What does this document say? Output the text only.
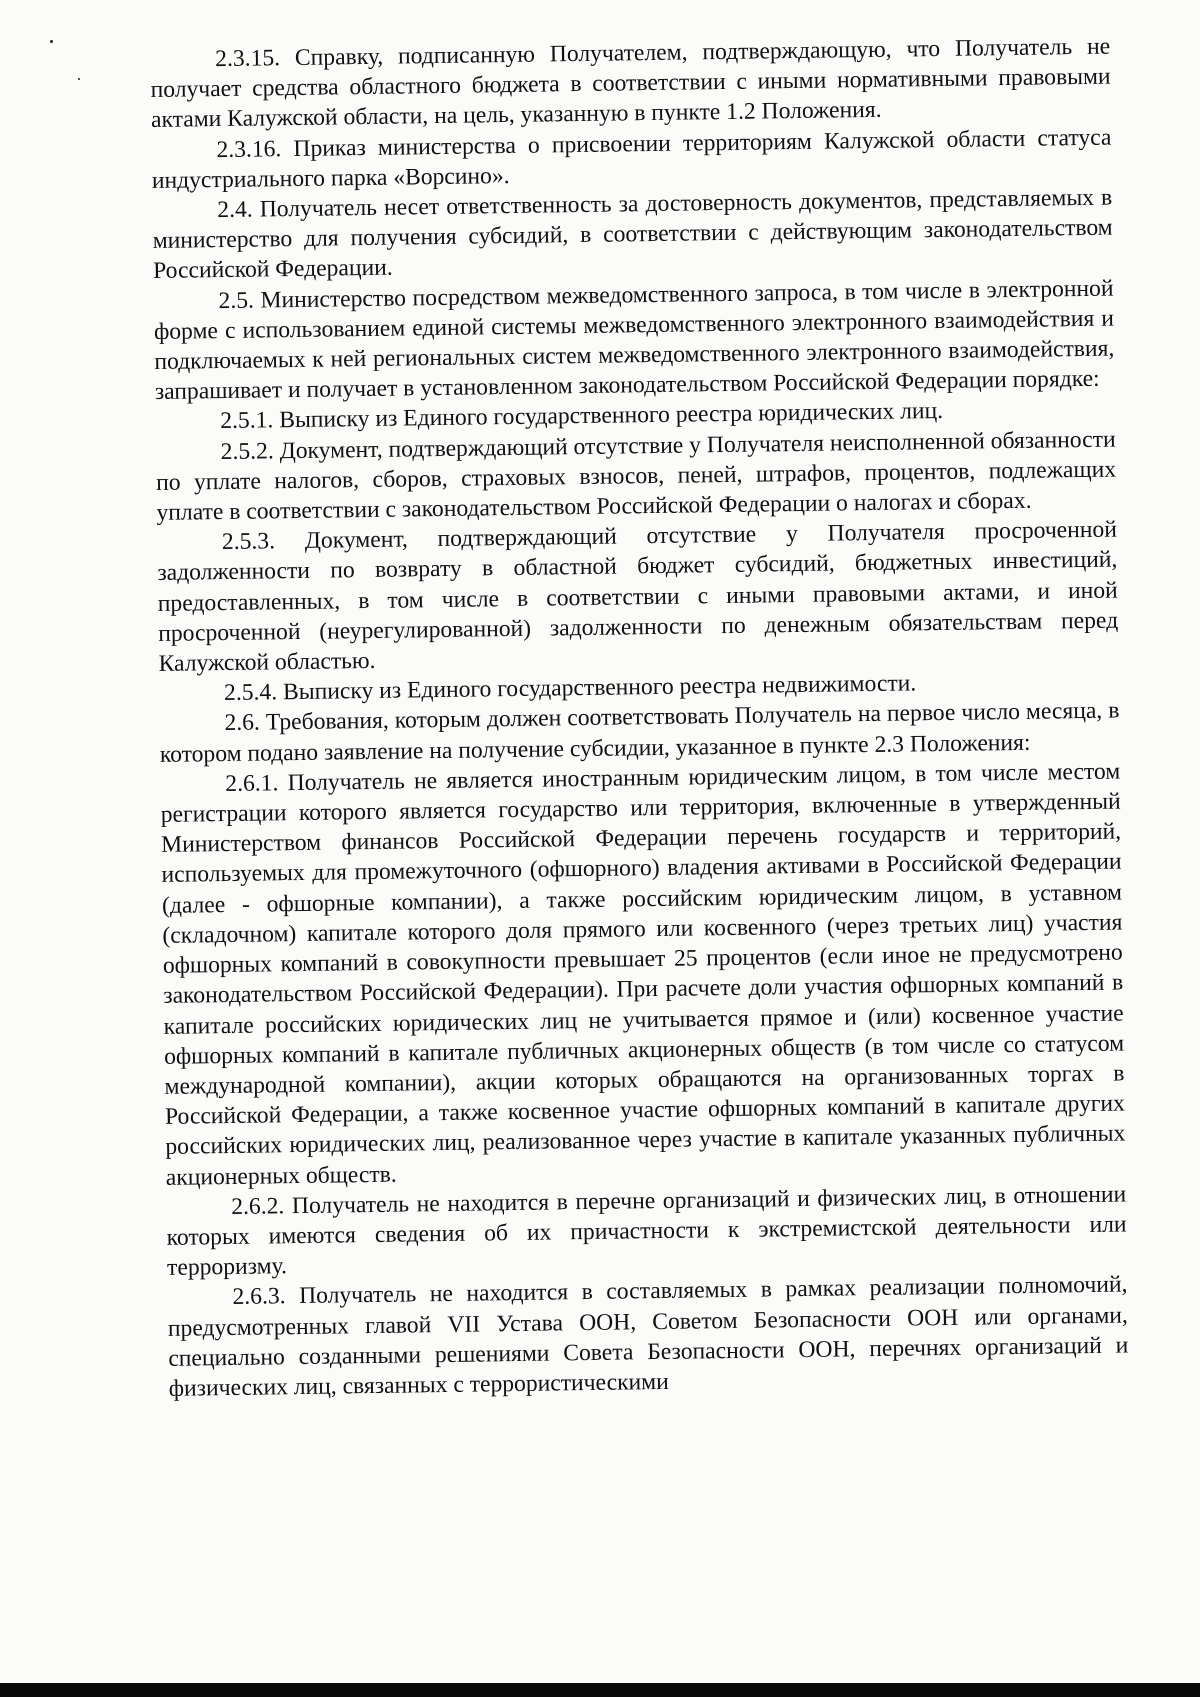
2.3.15. Справку, подписанную Получателем, подтверждающую, что Получатель не получает средства областного бюджета в соответствии с иными нормативными правовыми актами Калужской области, на цель, указанную в пункте 1.2 Положения.

2.3.16. Приказ министерства о присвоении территориям Калужской области статуса индустриального парка «Ворсино».

2.4. Получатель несет ответственность за достоверность документов, представляемых в министерство для получения субсидий, в соответствии с действующим законодательством Российской Федерации.

2.5. Министерство посредством межведомственного запроса, в том числе в электронной форме с использованием единой системы межведомственного электронного взаимодействия и подключаемых к ней региональных систем межведомственного электронного взаимодействия, запрашивает и получает в установленном законодательством Российской Федерации порядке:

2.5.1. Выписку из Единого государственного реестра юридических лиц.

2.5.2. Документ, подтверждающий отсутствие у Получателя неисполненной обязанности по уплате налогов, сборов, страховых взносов, пеней, штрафов, процентов, подлежащих уплате в соответствии с законодательством Российской Федерации о налогах и сборах.

2.5.3. Документ, подтверждающий отсутствие у Получателя просроченной задолженности по возврату в областной бюджет субсидий, бюджетных инвестиций, предоставленных, в том числе в соответствии с иными правовыми актами, и иной просроченной (неурегулированной) задолженности по денежным обязательствам перед Калужской областью.

2.5.4. Выписку из Единого государственного реестра недвижимости.

2.6. Требования, которым должен соответствовать Получатель на первое число месяца, в котором подано заявление на получение субсидии, указанное в пункте 2.3 Положения:

2.6.1. Получатель не является иностранным юридическим лицом, в том числе местом регистрации которого является государство или территория, включенные в утвержденный Министерством финансов Российской Федерации перечень государств и территорий, используемых для промежуточного (офшорного) владения активами в Российской Федерации (далее - офшорные компании), а также российским юридическим лицом, в уставном (складочном) капитале которого доля прямого или косвенного (через третьих лиц) участия офшорных компаний в совокупности превышает 25 процентов (если иное не предусмотрено законодательством Российской Федерации). При расчете доли участия офшорных компаний в капитале российских юридических лиц не учитывается прямое и (или) косвенное участие офшорных компаний в капитале публичных акционерных обществ (в том числе со статусом международной компании), акции которых обращаются на организованных торгах в Российской Федерации, а также косвенное участие офшорных компаний в капитале других российских юридических лиц, реализованное через участие в капитале указанных публичных акционерных обществ.

2.6.2. Получатель не находится в перечне организаций и физических лиц, в отношении которых имеются сведения об их причастности к экстремистской деятельности или терроризму.

2.6.3. Получатель не находится в составляемых в рамках реализации полномочий, предусмотренных главой VII Устава ООН, Советом Безопасности ООН или органами, специально созданными решениями Совета Безопасности ООН, перечнях организаций и физических лиц, связанных с террористическими
